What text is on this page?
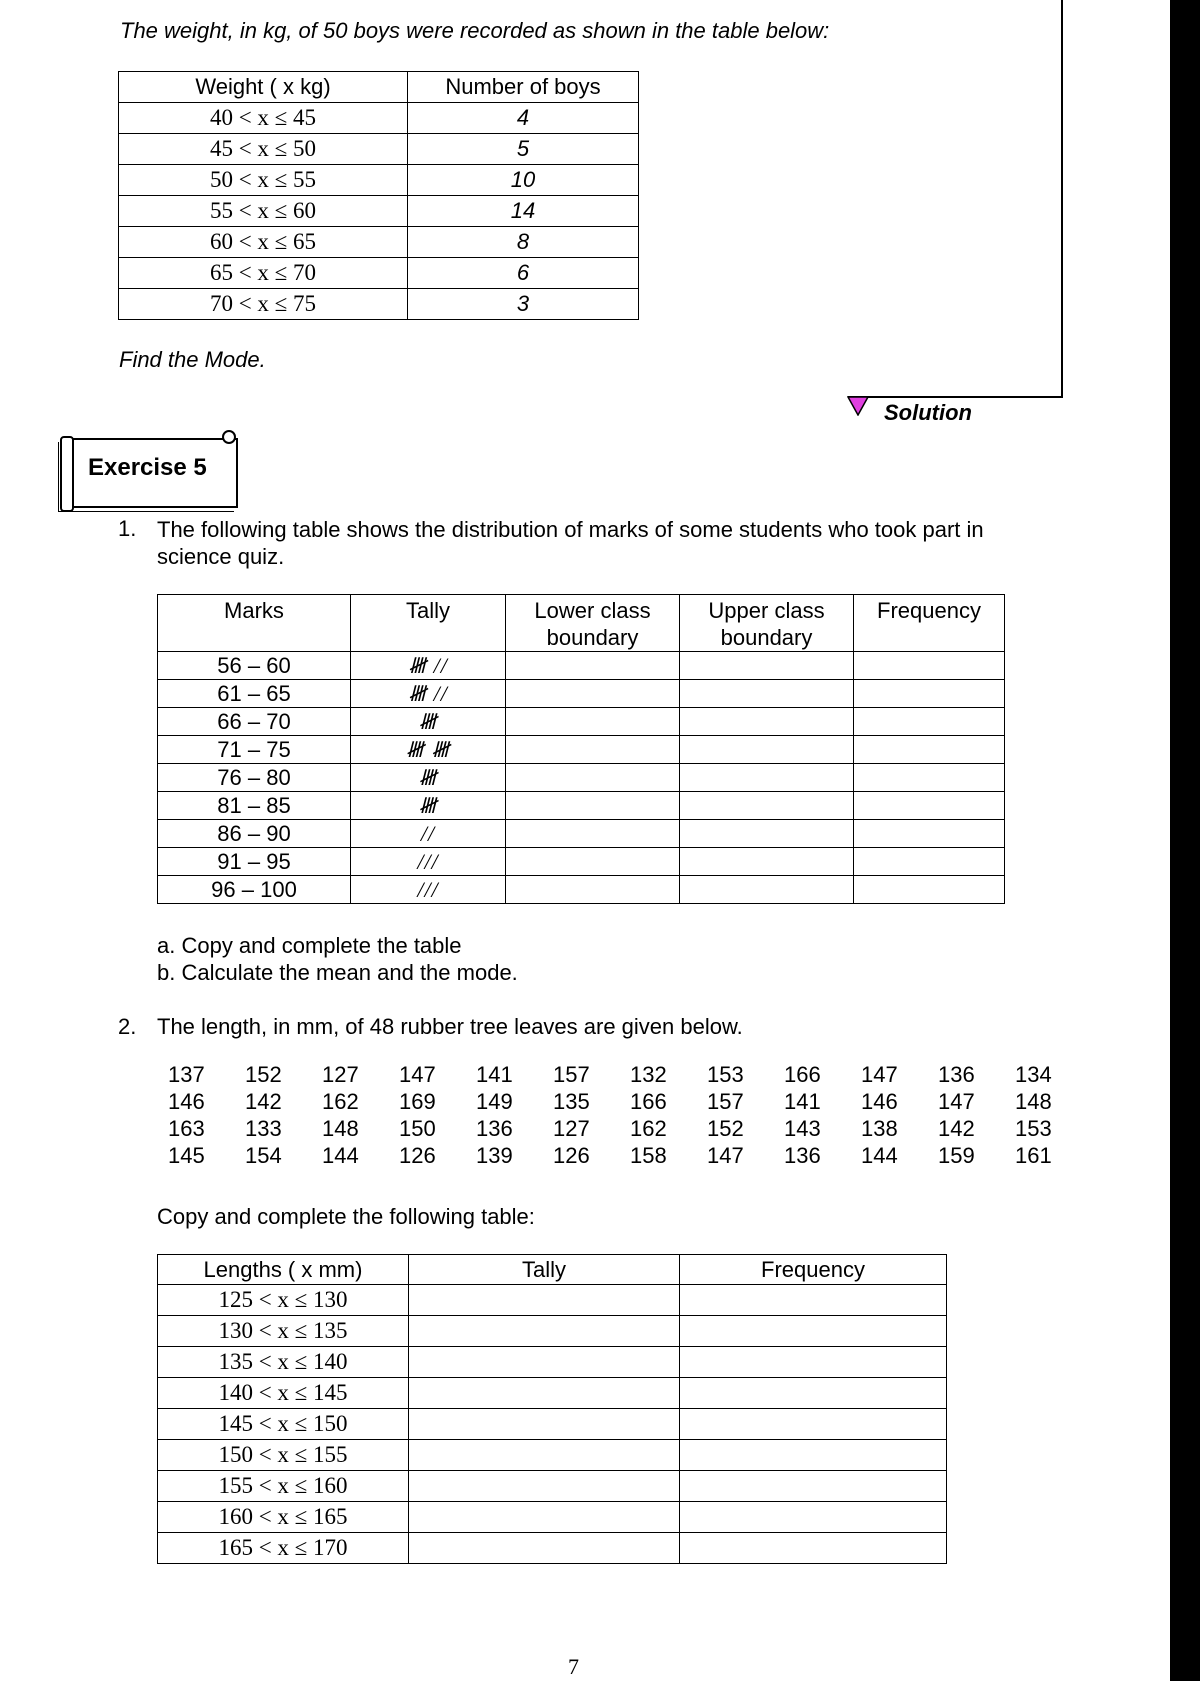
The weight, in kg, of 50 boys were recorded as shown in the table below:
Weight ( x kg)	Number of boys
40 < x ≤ 45	4
45 < x ≤ 50	5
50 < x ≤ 55	10
55 < x ≤ 60	14
60 < x ≤ 65	8
65 < x ≤ 70	6
70 < x ≤ 75	3
Find the Mode.
Solution
Exercise 5
1. The following table shows the distribution of marks of some students who took part in science quiz.
Marks	Tally	Lower class boundary	Upper class boundary	Frequency
56 – 60	𝍸 //			
61 – 65	𝍸 //			
66 – 70	𝍸			
71 – 75	𝍸 𝍸			
76 – 80	𝍸			
81 – 85	𝍸			
86 – 90	//			
91 – 95	///			
96 – 100	///			
a. Copy and complete the table
b. Calculate the mean and the mode.
2. The length, in mm, of 48 rubber tree leaves are given below.
137 152 127 147 141 157 132 153 166 147 136 134
146 142 162 169 149 135 166 157 141 146 147 148
163 133 148 150 136 127 162 152 143 138 142 153
145 154 144 126 139 126 158 147 136 144 159 161
Copy and complete the following table:
Lengths ( x mm)	Tally	Frequency
125 < x ≤ 130		
130 < x ≤ 135		
135 < x ≤ 140		
140 < x ≤ 145		
145 < x ≤ 150		
150 < x ≤ 155		
155 < x ≤ 160		
160 < x ≤ 165		
165 < x ≤ 170		
7
